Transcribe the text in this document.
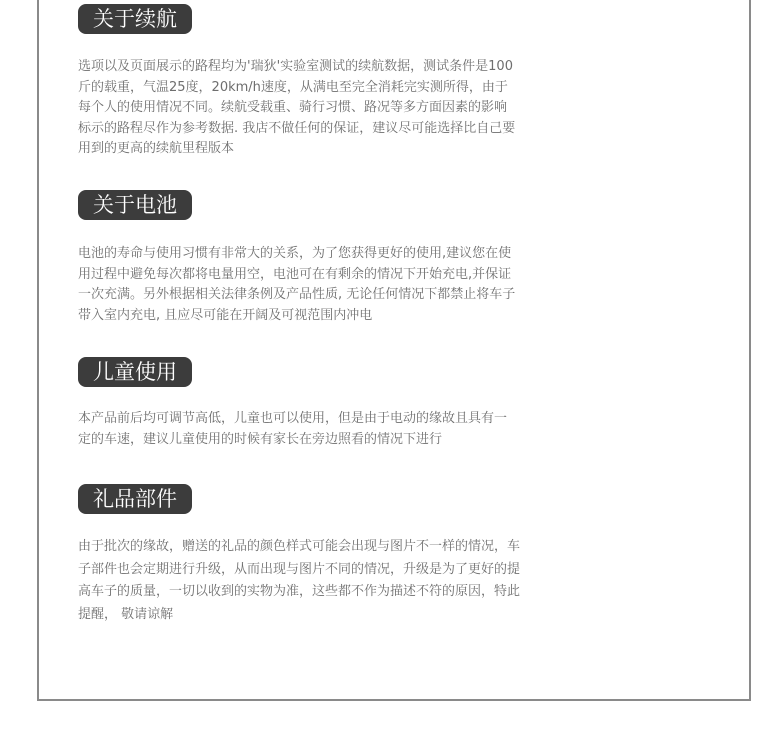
关于续航

选项以及页面展示的路程均为'瑞狄'实验室测试的续航数据，测试条件是100
斤的载重，气温25度，20km/h速度，从满电至完全消耗完实测所得，由于
每个人的使用情况不同。续航受载重、骑行习惯、路况等多方面因素的影响
标示的路程尽作为参考数据. 我店不做任何的保证，建议尽可能选择比自己要
用到的更高的续航里程版本

关于电池

电池的寿命与使用习惯有非常大的关系，为了您获得更好的使用,建议您在使
用过程中避免每次都将电量用空，电池可在有剩余的情况下开始充电,并保证
一次充满。另外根据相关法律条例及产品性质, 无论任何情况下都禁止将车子
带入室内充电, 且应尽可能在开阔及可视范围内冲电

儿童使用

本产品前后均可调节高低，儿童也可以使用，但是由于电动的缘故且具有一
定的车速，建议儿童使用的时候有家长在旁边照看的情况下进行

礼品部件

由于批次的缘故，赠送的礼品的颜色样式可能会出现与图片不一样的情况，车
子部件也会定期进行升级，从而出现与图片不同的情况，升级是为了更好的提
高车子的质量，一切以收到的实物为准，这些都不作为描述不符的原因，特此
提醒， 敬请谅解
